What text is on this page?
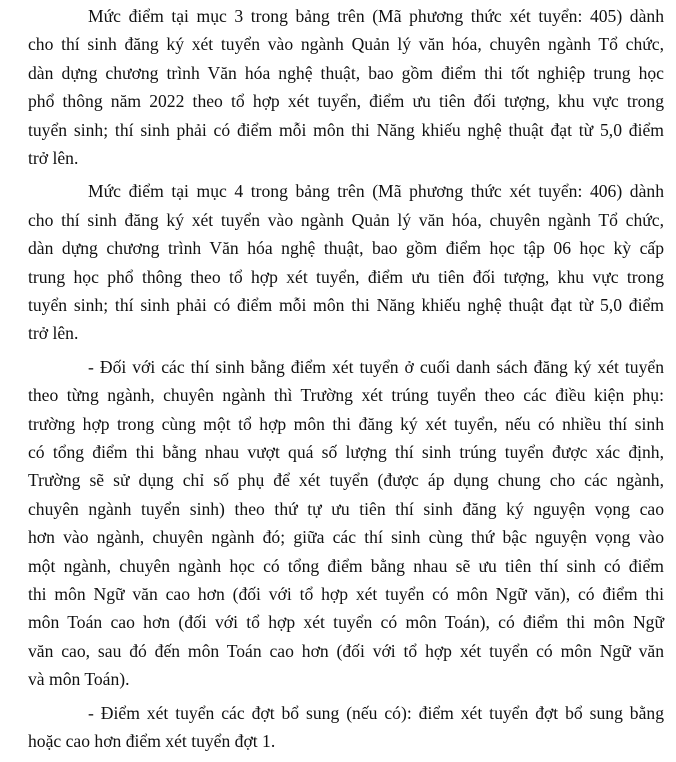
Mức điểm tại mục 3 trong bảng trên (Mã phương thức xét tuyển: 405) dành
cho thí sinh đăng ký xét tuyển vào ngành Quản lý văn hóa, chuyên ngành Tổ chức,
dàn dựng chương trình Văn hóa nghệ thuật, bao gồm điểm thi tốt nghiệp trung học
phổ thông năm 2022 theo tổ hợp xét tuyển, điểm ưu tiên đối tượng, khu vực trong
tuyển sinh; thí sinh phải có điểm mỗi môn thi Năng khiếu nghệ thuật đạt từ 5,0 điểm
trở lên.
Mức điểm tại mục 4 trong bảng trên (Mã phương thức xét tuyển: 406) dành
cho thí sinh đăng ký xét tuyển vào ngành Quản lý văn hóa, chuyên ngành Tổ chức,
dàn dựng chương trình Văn hóa nghệ thuật, bao gồm điểm học tập 06 học kỳ cấp
trung học phổ thông theo tổ hợp xét tuyển, điểm ưu tiên đối tượng, khu vực trong
tuyển sinh; thí sinh phải có điểm mỗi môn thi Năng khiếu nghệ thuật đạt từ 5,0 điểm
trở lên.
- Đối với các thí sinh bằng điểm xét tuyển ở cuối danh sách đăng ký xét tuyển
theo từng ngành, chuyên ngành thì Trường xét trúng tuyển theo các điều kiện phụ:
trường hợp trong cùng một tổ hợp môn thi đăng ký xét tuyển, nếu có nhiều thí sinh
có tổng điểm thi bằng nhau vượt quá số lượng thí sinh trúng tuyển được xác định,
Trường sẽ sử dụng chỉ số phụ để xét tuyển (được áp dụng chung cho các ngành,
chuyên ngành tuyển sinh) theo thứ tự ưu tiên thí sinh đăng ký nguyện vọng cao
hơn vào ngành, chuyên ngành đó; giữa các thí sinh cùng thứ bậc nguyện vọng vào
một ngành, chuyên ngành học có tổng điểm bằng nhau sẽ ưu tiên thí sinh có điểm
thi môn Ngữ văn cao hơn (đối với tổ hợp xét tuyển có môn Ngữ văn), có điểm thi
môn Toán cao hơn (đối với tổ hợp xét tuyển có môn Toán), có điểm thi môn Ngữ
văn cao, sau đó đến môn Toán cao hơn (đối với tổ hợp xét tuyển có môn Ngữ văn
và môn Toán).
- Điểm xét tuyển các đợt bổ sung (nếu có): điểm xét tuyển đợt bổ sung bằng
hoặc cao hơn điểm xét tuyển đợt 1.
